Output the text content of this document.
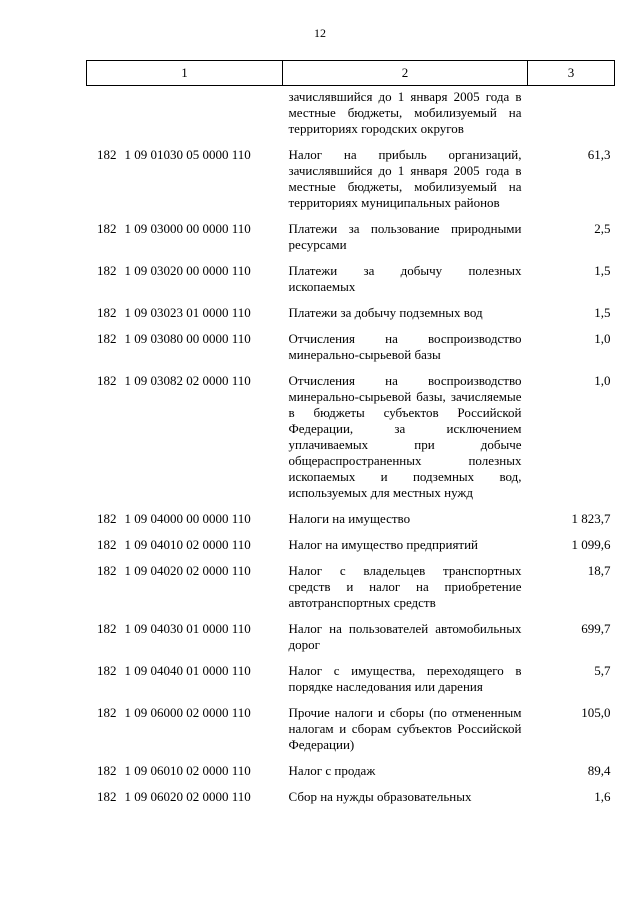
12
1	2	3
	зачислявшийся до 1 января 2005 года в местные бюджеты, мобилизуемый на территориях городских округов	
182 1 09 01030 05 0000 110	Налог на прибыль организаций, зачислявшийся до 1 января 2005 года в местные бюджеты, мобилизуемый на территориях муниципальных районов	61,3
182 1 09 03000 00 0000 110	Платежи за пользование природными ресурсами	2,5
182 1 09 03020 00 0000 110	Платежи за добычу полезных ископаемых	1,5
182 1 09 03023 01 0000 110	Платежи за добычу подземных вод	1,5
182 1 09 03080 00 0000 110	Отчисления на воспроизводство минерально-сырьевой базы	1,0
182 1 09 03082 02 0000 110	Отчисления на воспроизводство минерально-сырьевой базы, зачисляемые в бюджеты субъектов Российской Федерации, за исключением уплачиваемых при добыче общераспространенных полезных ископаемых и подземных вод, используемых для местных нужд	1,0
182 1 09 04000 00 0000 110	Налоги на имущество	1 823,7
182 1 09 04010 02 0000 110	Налог на имущество предприятий	1 099,6
182 1 09 04020 02 0000 110	Налог с владельцев транспортных средств и налог на приобретение автотранспортных средств	18,7
182 1 09 04030 01 0000 110	Налог на пользователей автомобильных дорог	699,7
182 1 09 04040 01 0000 110	Налог с имущества, переходящего в порядке наследования или дарения	5,7
182 1 09 06000 02 0000 110	Прочие налоги и сборы (по отмененным налогам и сборам субъектов Российской Федерации)	105,0
182 1 09 06010 02 0000 110	Налог с продаж	89,4
182 1 09 06020 02 0000 110	Сбор на нужды образовательных	1,6
